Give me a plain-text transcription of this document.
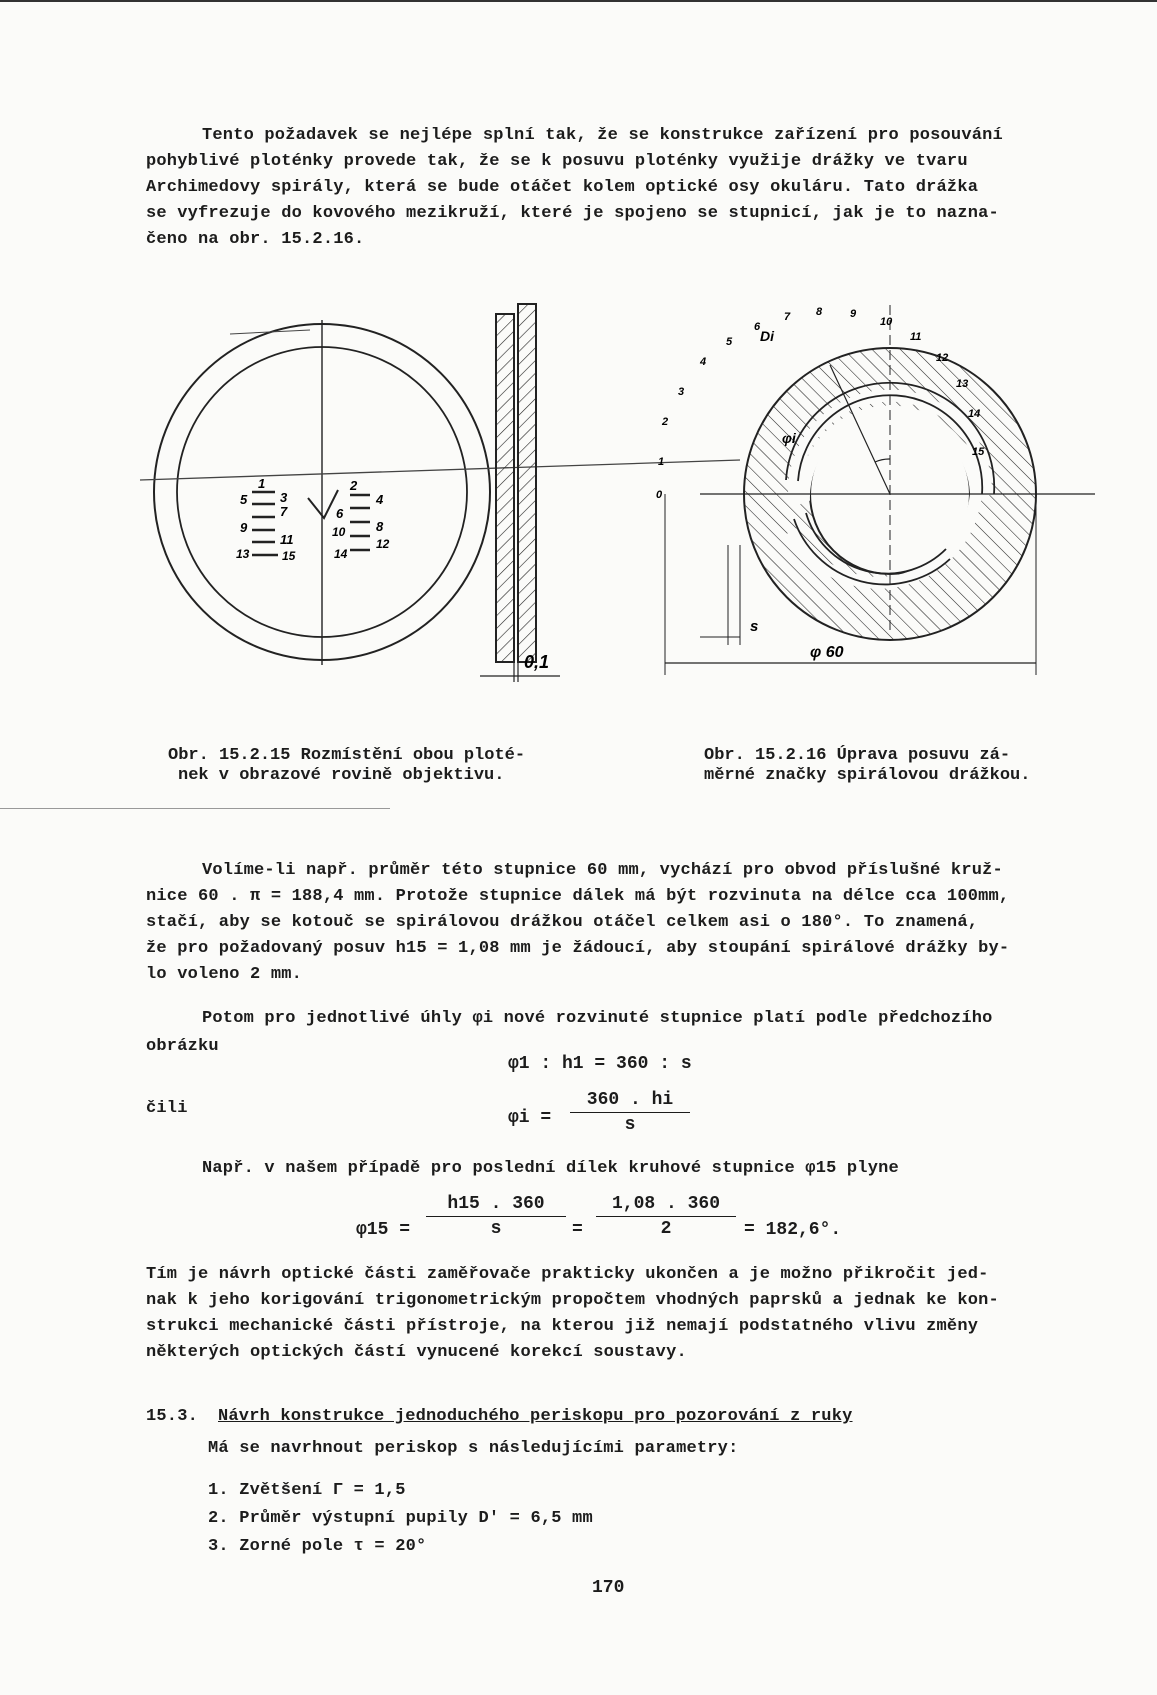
Tento požadavek se nejlépe splní tak, že se konstrukce zařízení pro posouvání

pohyblivé ploténky provede tak, že se k posuvu ploténky využije drážky ve tvaru

Archimedovy spirály, která se bude otáčet kolem optické osy okuláru. Tato drážka

se vyfrezuje do kovového mezikruží, které je spojeno se stupnicí, jak je to nazna-

čeno na obr. 15.2.16.

1
3
5
7
9
11
13	15
2
4
6
8
10
12
14
0,1
s
φ 60
φi
Di
0
1
2
3
4
5
6
7 8	9
10
11
12
13
14
15

Obr. 15.2.15 Rozmístění obou ploté-

nek v obrazové rovině objektivu.

Obr. 15.2.16 Úprava posuvu zá-

měrné značky spirálovou drážkou.

Volíme-li např. průměr této stupnice 60 mm, vychází pro obvod příslušné kruž-

nice 60 . π = 188,4 mm. Protože stupnice dálek má být rozvinuta na délce cca 100mm,

stačí, aby se kotouč se spirálovou drážkou otáčel celkem asi o 180°. To znamená,

že pro požadovaný posuv h15 = 1,08 mm je žádoucí, aby stoupání spirálové drážky by-

lo voleno 2 mm.

Potom pro jednotlivé úhly φi nové rozvinuté stupnice platí podle předchozího

obrázku

φ1 : h1 = 360 : s

čili	φi =
360 . hi
s

Např. v našem případě pro poslední dílek kruhové stupnice φ15 plyne

φ15 =
h15 . 360
s	=
1,08 . 360
2	= 182,6°.

Tím je návrh optické části zaměřovače prakticky ukončen a je možno přikročit jed-

nak k jeho korigování trigonometrickým propočtem vhodných paprsků a jednak ke kon-

strukci mechanické části přístroje, na kterou již nemají podstatného vlivu změny

některých optických částí vynucené korekcí soustavy.

15.3. Návrh konstrukce jednoduchého periskopu pro pozorování z ruky

Má se navrhnout periskop s následujícími parametry:

1. Zvětšení Γ = 1,5

2. Průměr výstupní pupily D' = 6,5 mm

3. Zorné pole τ = 20°

170
